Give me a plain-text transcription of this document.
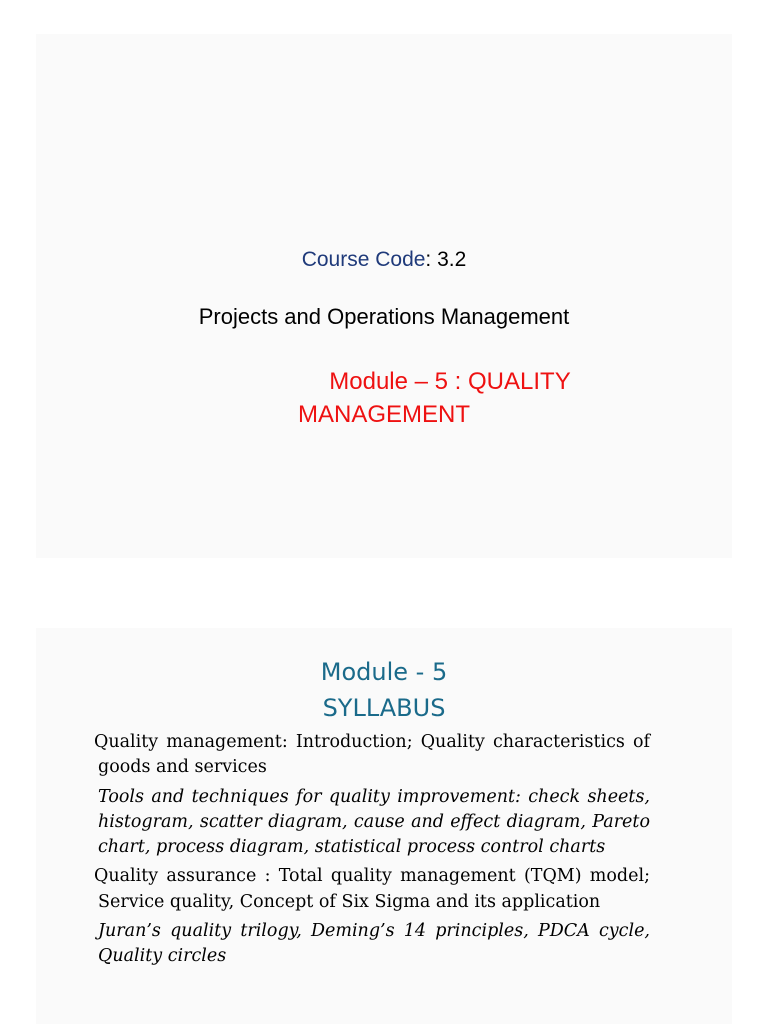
Course Code: 3.2
Projects and Operations Management
Module – 5 : QUALITY
MANAGEMENT
Module - 5
SYLLABUS

Quality management: Introduction; Quality characteristics of goods and services

Tools and techniques for quality improvement: check sheets, histogram, scatter diagram, cause and effect diagram, Pareto chart, process diagram, statistical process control charts

Quality assurance : Total quality management (TQM) model; Service quality, Concept of Six Sigma and its application

Juran’s quality trilogy, Deming’s 14 principles, PDCA cycle, Quality circles
